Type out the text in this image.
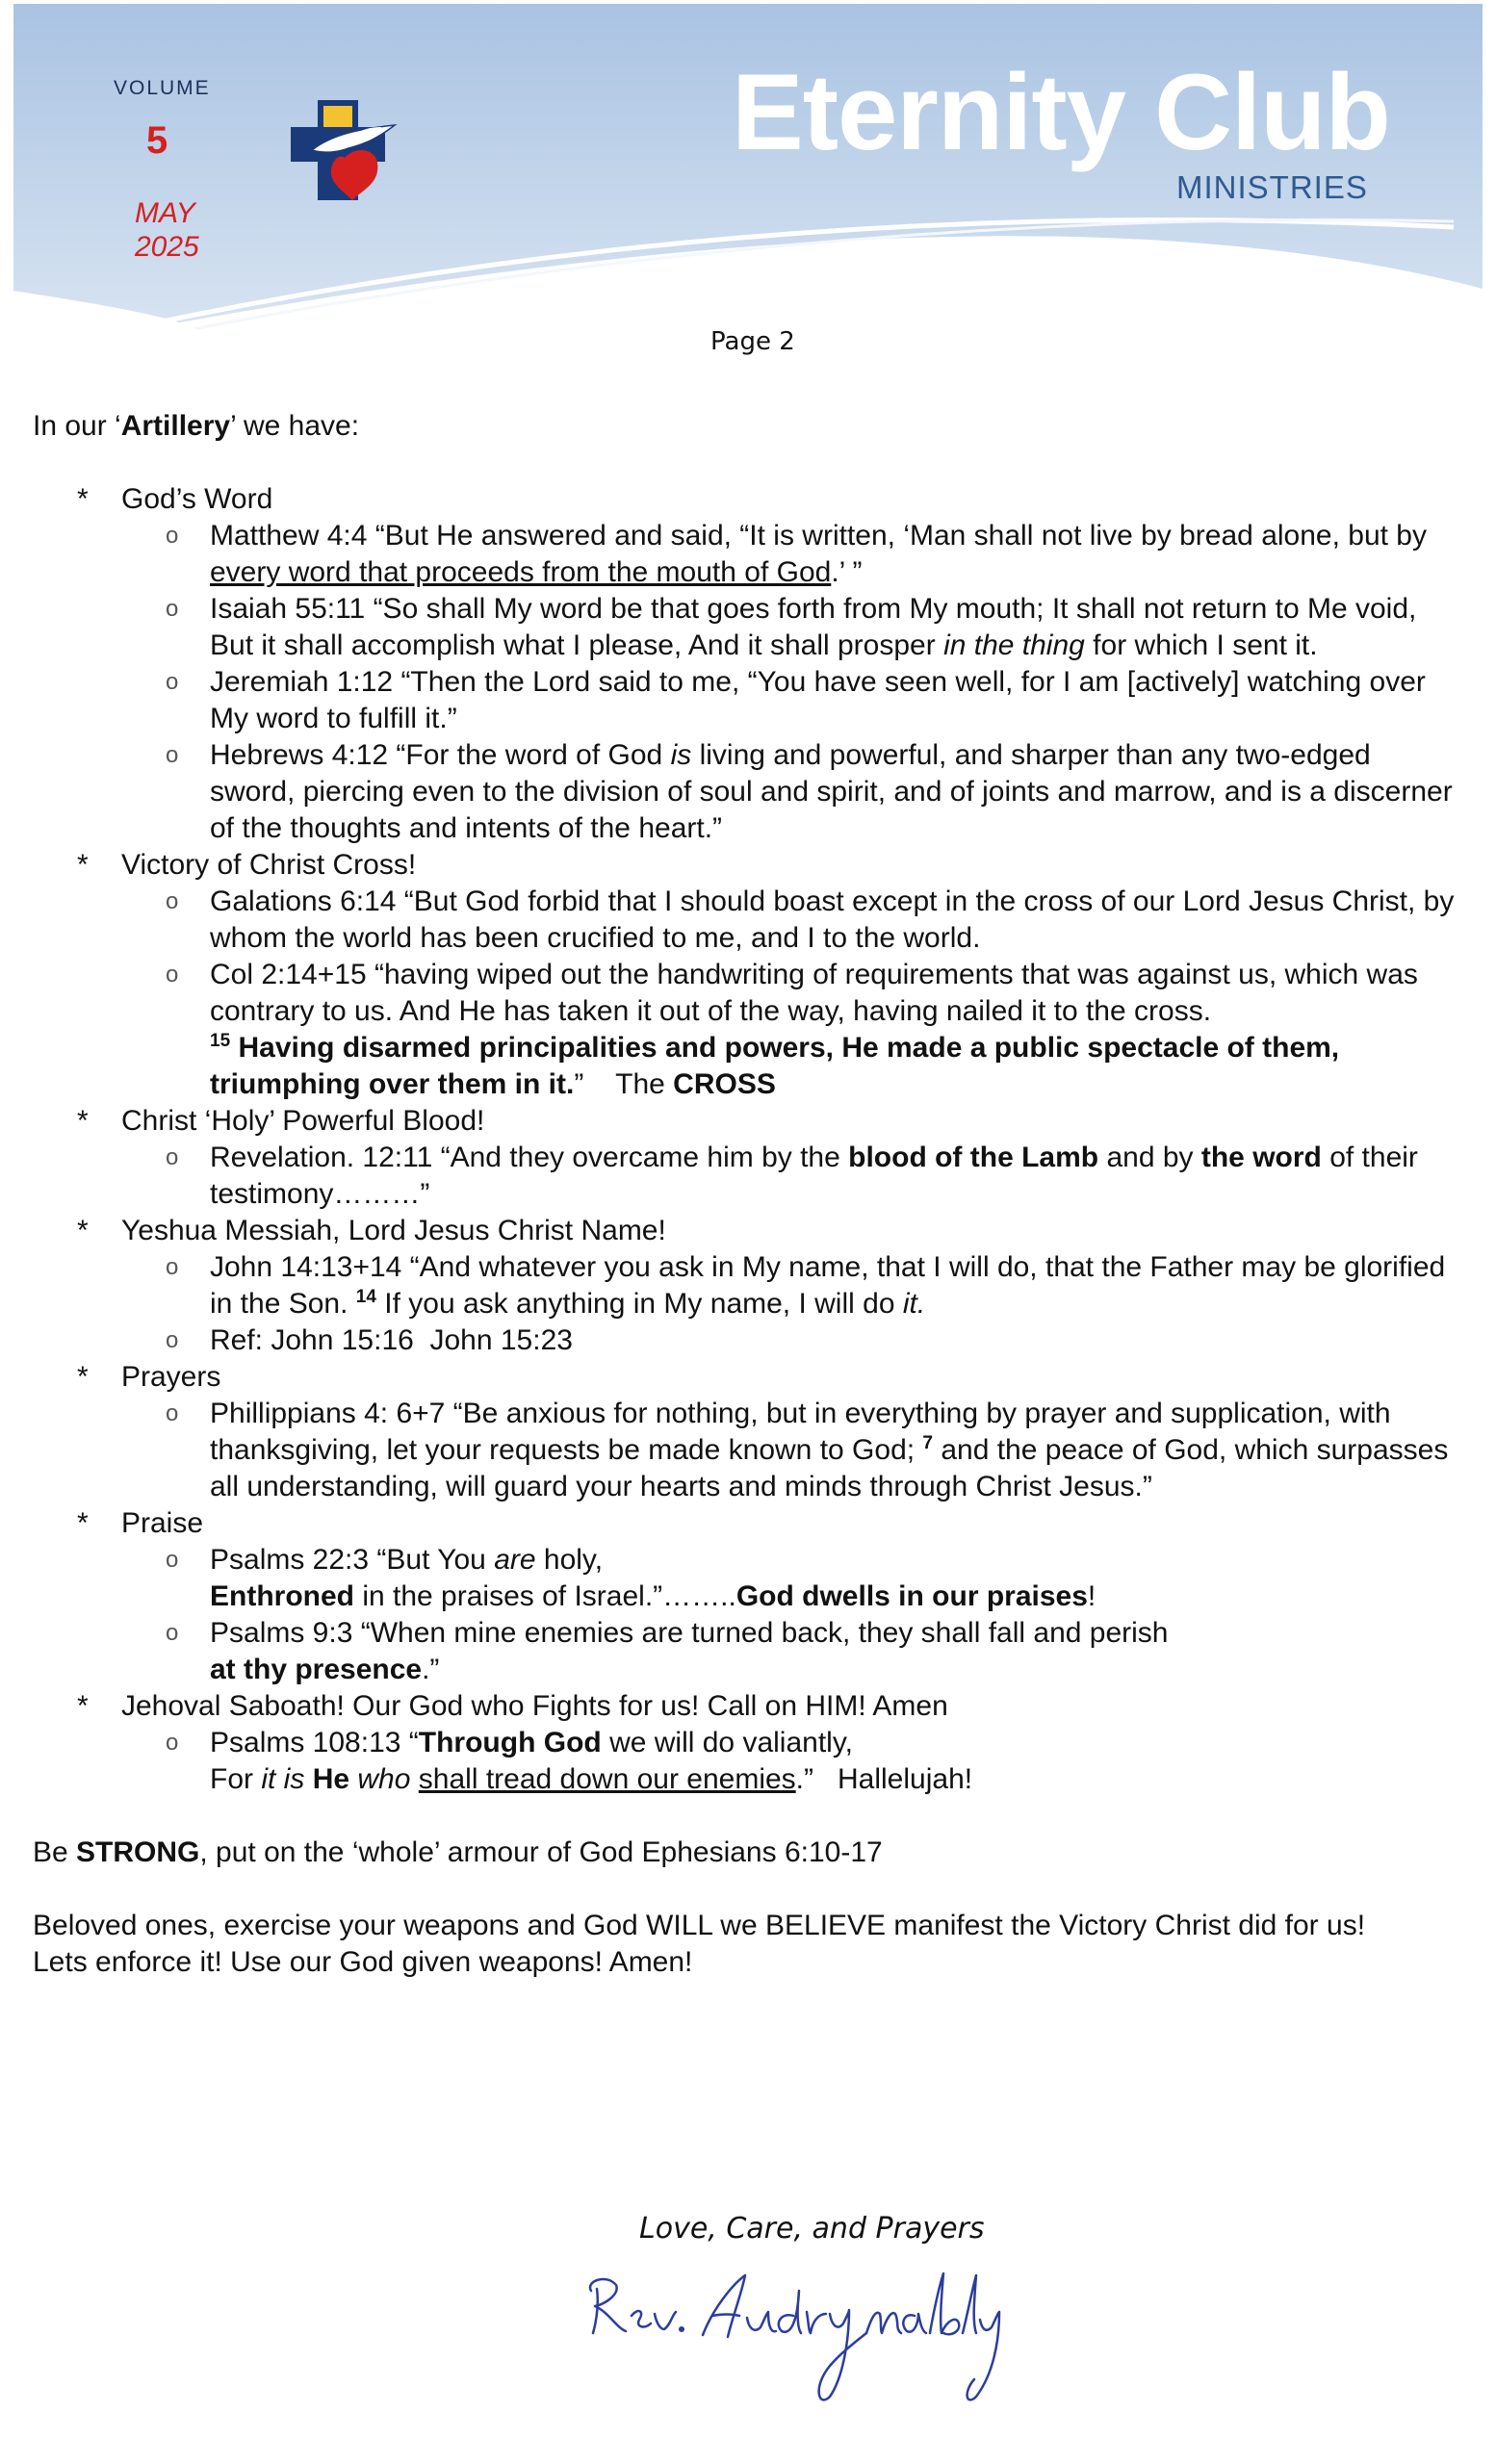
VOLUME
5
MAY
2025
Eternity Club
MINISTRIES
Page 2

In our ‘Artillery’ we have:

* God’s Word
o Matthew 4:4 “But He answered and said, “It is written, ‘Man shall not live by bread alone, but by every word that proceeds from the mouth of God.’ ”
o Isaiah 55:11 “So shall My word be that goes forth from My mouth; It shall not return to Me void,
But it shall accomplish what I please, And it shall prosper in the thing for which I sent it.
o Jeremiah 1:12 “Then the Lord said to me, “You have seen well, for I am [actively] watching over My word to fulfill it.”
o Hebrews 4:12 “For the word of God is living and powerful, and sharper than any two-edged sword, piercing even to the division of soul and spirit, and of joints and marrow, and is a discerner of the thoughts and intents of the heart.”
* Victory of Christ Cross!
o Galations 6:14 “But God forbid that I should boast except in the cross of our Lord Jesus Christ, by whom the world has been crucified to me, and I to the world.
o Col 2:14+15 “having wiped out the handwriting of requirements that was against us, which was contrary to us. And He has taken it out of the way, having nailed it to the cross.
$^{15}$ Having disarmed principalities and powers, He made a public spectacle of them, triumphing over them in it.”    The CROSS
* Christ ‘Holy’ Powerful Blood!
o Revelation. 12:11 “And they overcame him by the blood of the Lamb and by the word of their testimony………”
* Yeshua Messiah, Lord Jesus Christ Name!
o John 14:13+14 “And whatever you ask in My name, that I will do, that the Father may be glorified in the Son. $^{14}$ If you ask anything in My name, I will do it.
o Ref: John 15:16  John 15:23
* Prayers
o Phillippians 4: 6+7 “Be anxious for nothing, but in everything by prayer and supplication, with thanksgiving, let your requests be made known to God; $^7$ and the peace of God, which surpasses all understanding, will guard your hearts and minds through Christ Jesus.”
* Praise
o Psalms 22:3 “But You are holy,
Enthroned in the praises of Israel.”……..God dwells in our praises!
o Psalms 9:3 “When mine enemies are turned back, they shall fall and perish
at thy presence.”
* Jehoval Saboath! Our God who Fights for us! Call on HIM! Amen
o Psalms 108:13 “Through God we will do valiantly,
For it is He who shall tread down our enemies.”   Hallelujah!

Be STRONG, put on the ‘whole’ armour of God Ephesians 6:10-17

Beloved ones, exercise your weapons and God WILL we BELIEVE manifest the Victory Christ did for us! Lets enforce it! Use our God given weapons! Amen!

Love, Care, and Prayers
